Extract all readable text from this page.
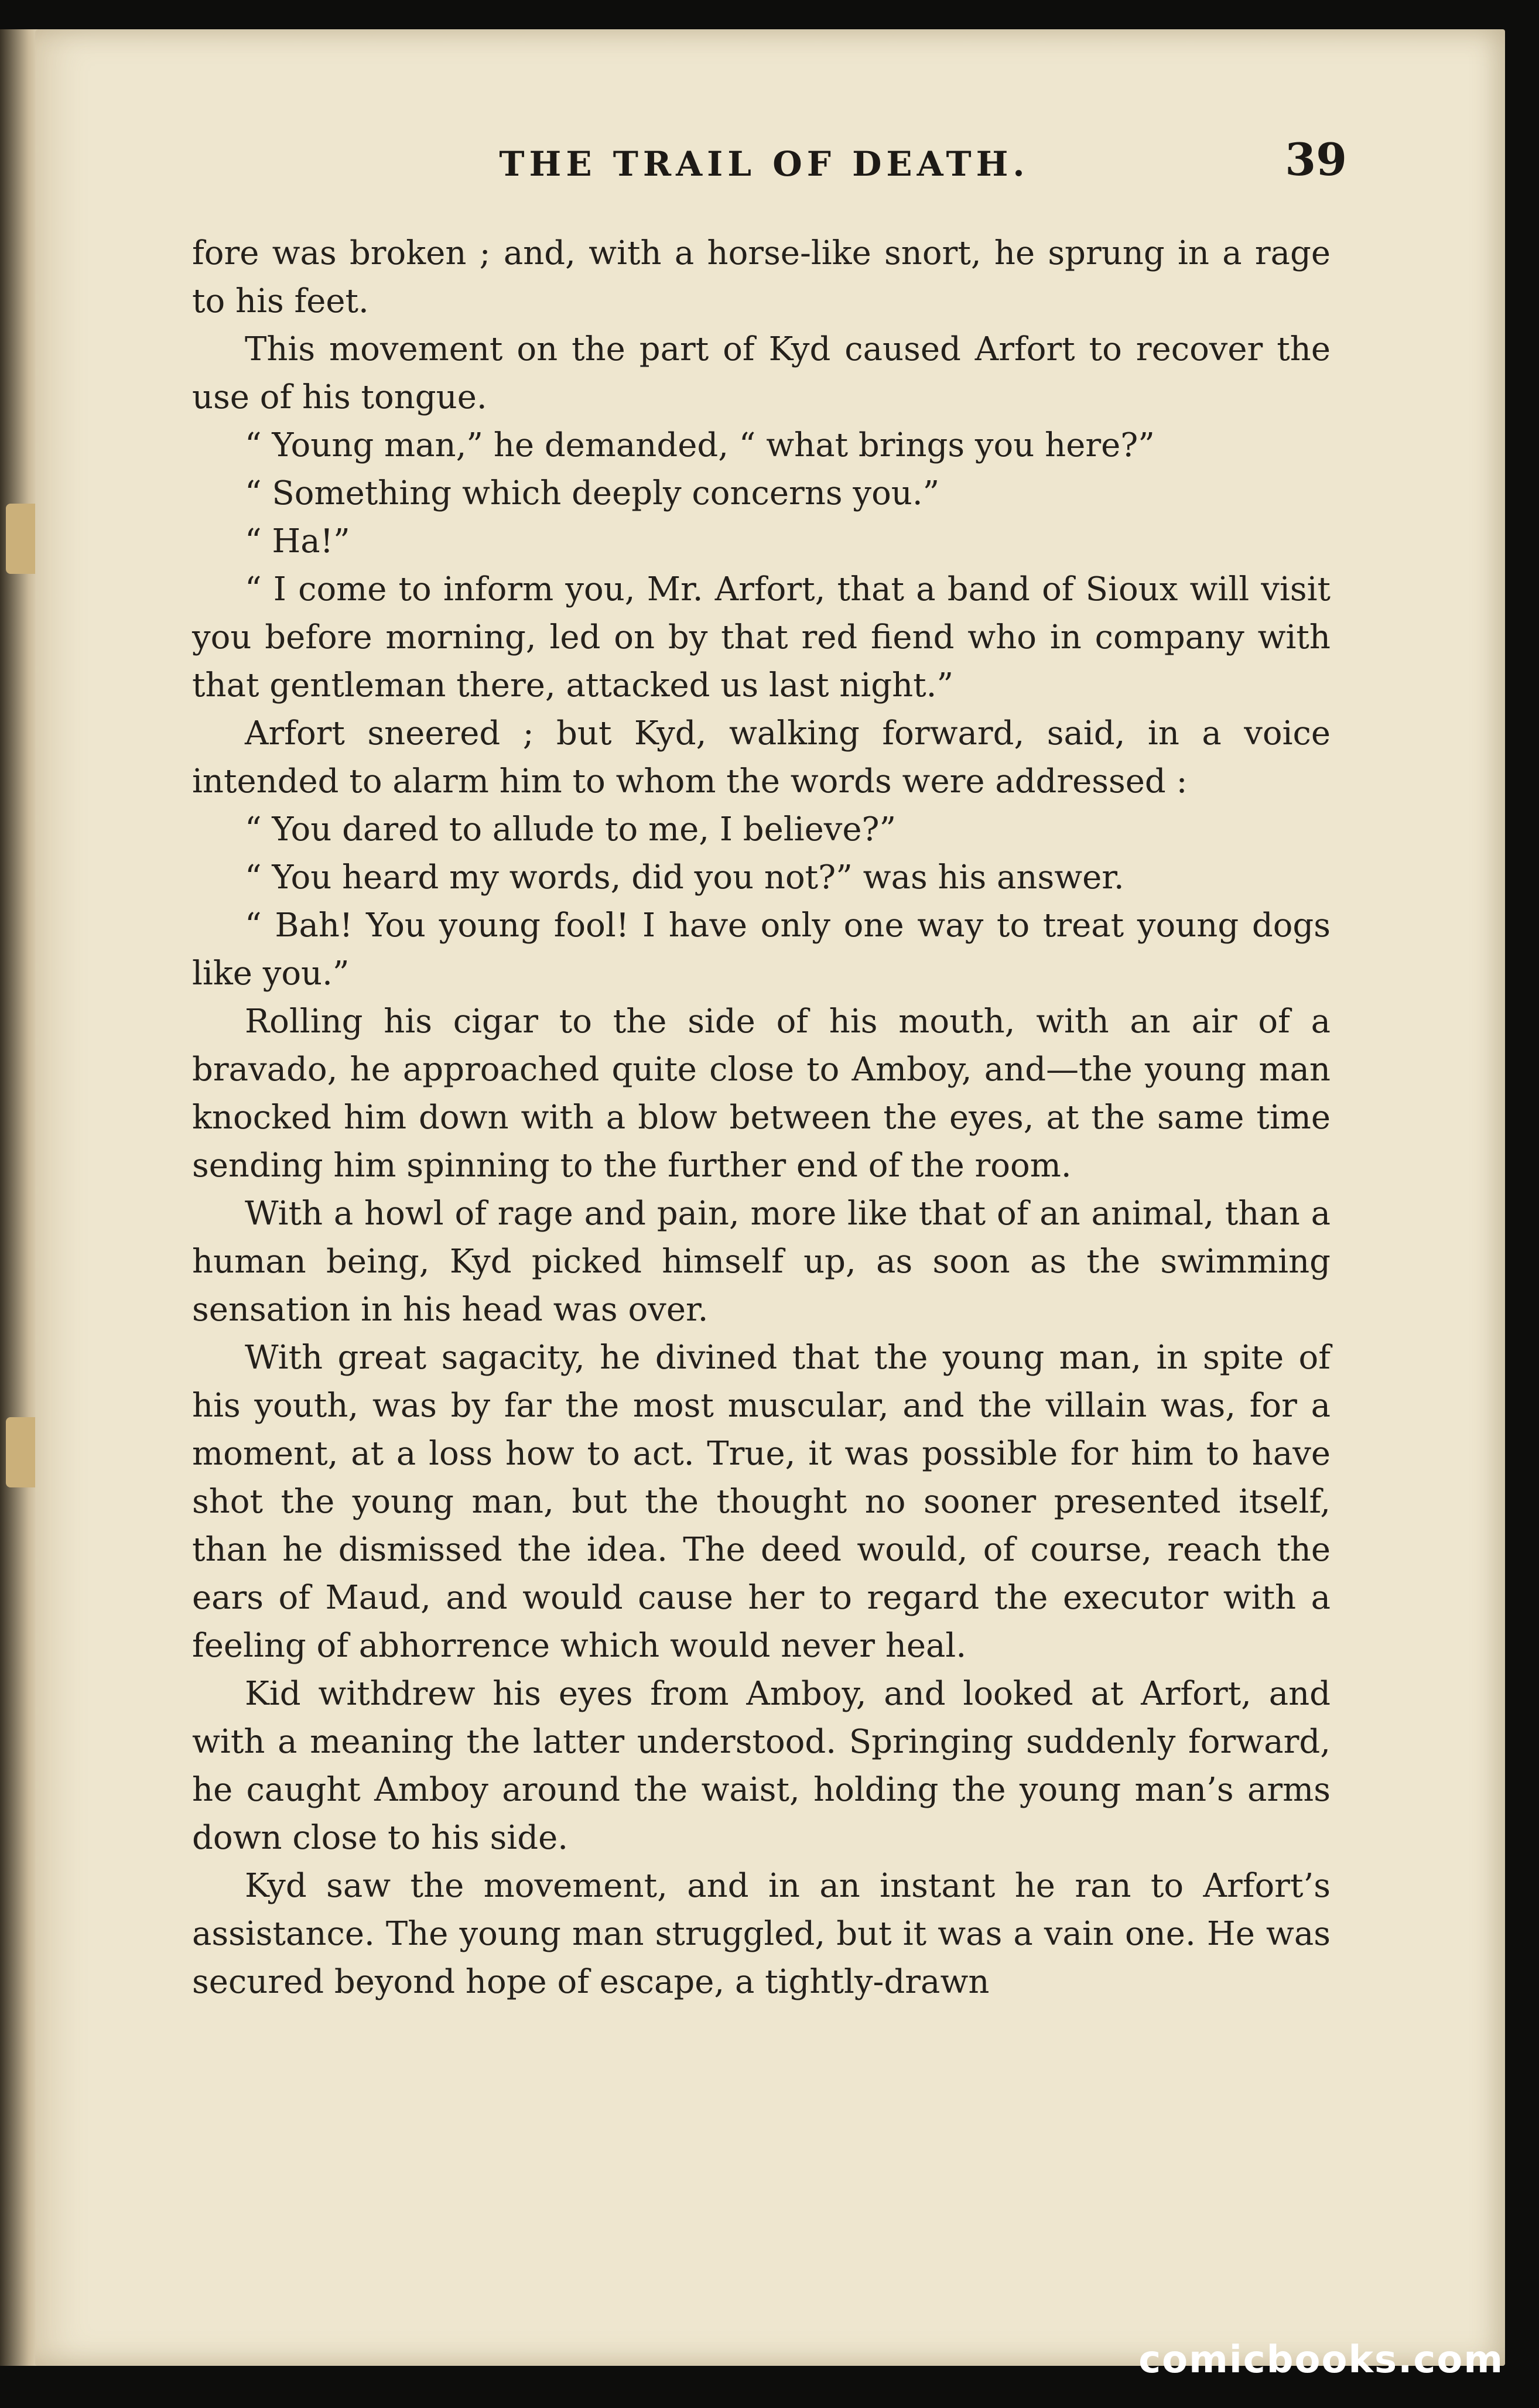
THE TRAIL OF DEATH.	39

fore was broken ; and, with a horse-like snort, he sprung in a rage to his feet.

This movement on the part of Kyd caused Arfort to recover the use of his tongue.

“ Young man,” he demanded, “ what brings you here?”

“ Something which deeply concerns you.”

“ Ha!”

“ I come to inform you, Mr. Arfort, that a band of Sioux will visit you before morning, led on by that red fiend who in company with that gentleman there, attacked us last night.”

Arfort sneered ; but Kyd, walking forward, said, in a voice intended to alarm him to whom the words were addressed :

“ You dared to allude to me, I believe?”

“ You heard my words, did you not?” was his answer.

“ Bah! You young fool! I have only one way to treat young dogs like you.”

Rolling his cigar to the side of his mouth, with an air of a bravado, he approached quite close to Amboy, and—the young man knocked him down with a blow between the eyes, at the same time sending him spinning to the further end of the room.

With a howl of rage and pain, more like that of an animal, than a human being, Kyd picked himself up, as soon as the swimming sensation in his head was over.

With great sagacity, he divined that the young man, in spite of his youth, was by far the most muscular, and the villain was, for a moment, at a loss how to act. True, it was possible for him to have shot the young man, but the thought no sooner presented itself, than he dismissed the idea. The deed would, of course, reach the ears of Maud, and would cause her to regard the executor with a feeling of abhorrence which would never heal.

Kid withdrew his eyes from Amboy, and looked at Arfort, and with a meaning the latter understood. Springing suddenly forward, he caught Amboy around the waist, holding the young man’s arms down close to his side.

Kyd saw the movement, and in an instant he ran to Arfort’s assistance. The young man struggled, but it was a vain one. He was secured beyond hope of escape, a tightly-drawn

comicbooks.com
